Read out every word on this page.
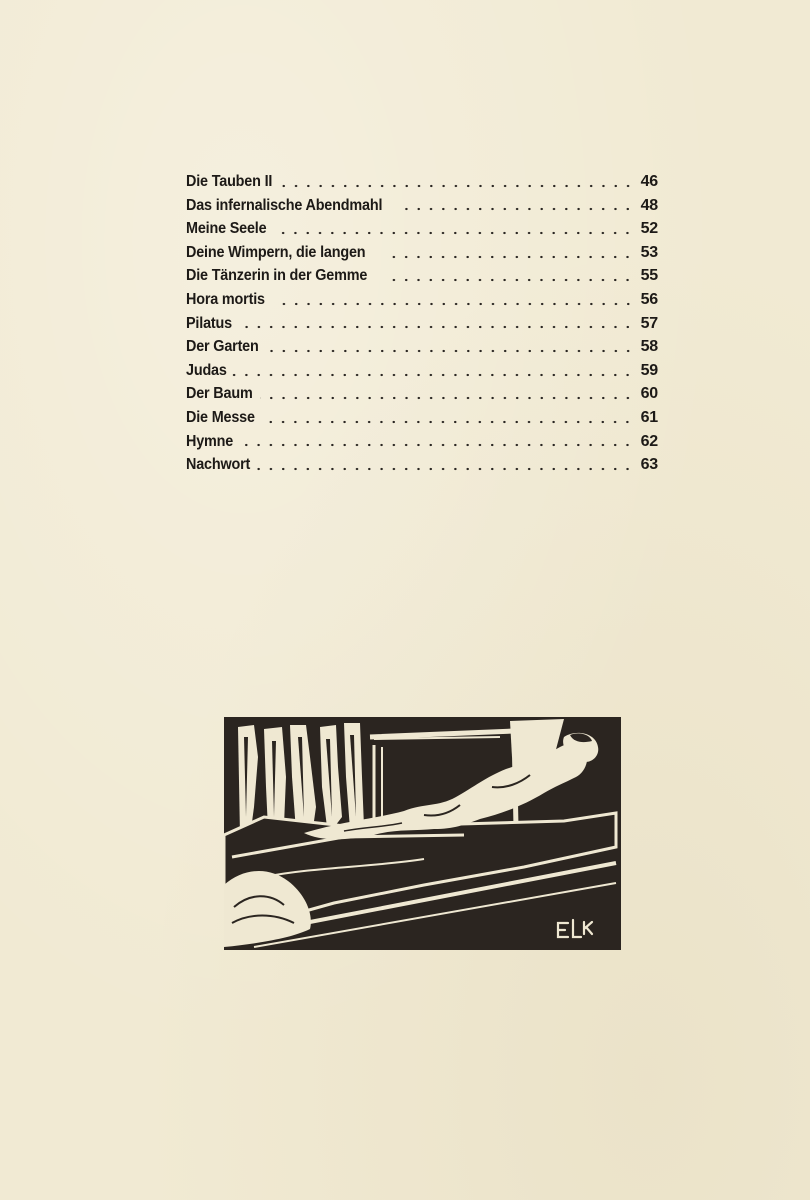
Die Tauben II	46
Das infernalische Abendmahl	48
Meine Seele	52
Deine Wimpern, die langen	53
Die Tänzerin in der Gemme	55
Hora mortis	56
Pilatus	57
Der Garten	58
Judas	59
Der Baum	60
Die Messe	61
Hymne	62
Nachwort	63
